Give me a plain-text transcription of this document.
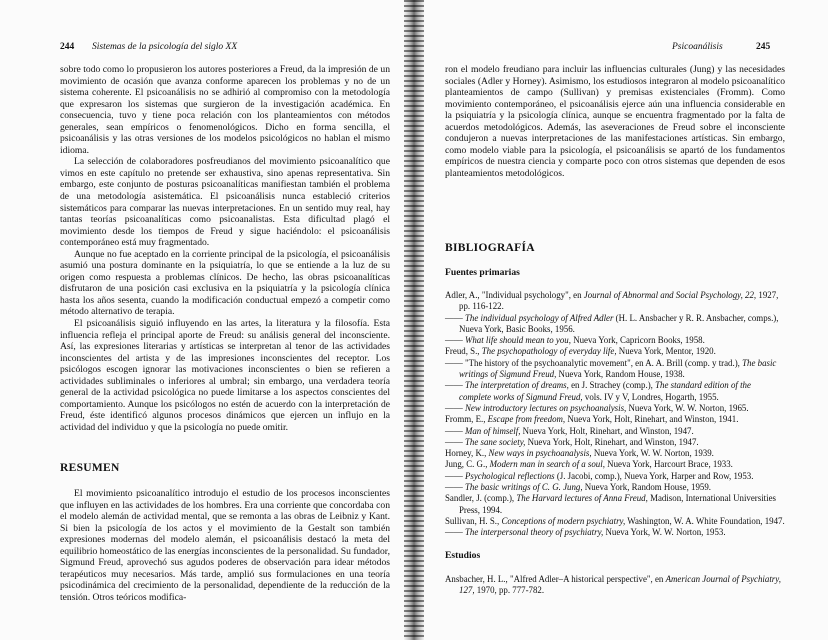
244 Sistemas de la psicología del siglo XX

sobre todo como lo propusieron los autores posteriores a Freud, da la impresión de un movimiento de ocasión que avanza conforme aparecen los problemas y no de un sistema coherente. El psicoanálisis no se adhirió al compromiso con la metodología que expresaron los sistemas que surgieron de la investigación académica. En consecuencia, tuvo y tiene poca relación con los planteamientos con métodos generales, sean empíricos o fenomenológicos. Dicho en forma sencilla, el psicoanálisis y las otras versiones de los modelos psicológicos no hablan el mismo idioma.

La selección de colaboradores posfreudianos del movimiento psicoanalítico que vimos en este capítulo no pretende ser exhaustiva, sino apenas representativa. Sin embargo, este conjunto de posturas psicoanalíticas manifiestan también el problema de una metodología asistemática. El psicoanálisis nunca estableció criterios sistemáticos para comparar las nuevas interpretaciones. En un sentido muy real, hay tantas teorías psicoanalíticas como psicoanalistas. Esta dificultad plagó el movimiento desde los tiempos de Freud y sigue haciéndolo: el psicoanálisis contemporáneo está muy fragmentado.

Aunque no fue aceptado en la corriente principal de la psicología, el psicoanálisis asumió una postura dominante en la psiquiatría, lo que se entiende a la luz de su origen como respuesta a problemas clínicos. De hecho, las obras psicoanalíticas disfrutaron de una posición casi exclusiva en la psiquiatría y la psicología clínica hasta los años sesenta, cuando la modificación conductual empezó a competir como método alternativo de terapia.

El psicoanálisis siguió influyendo en las artes, la literatura y la filosofía. Esta influencia refleja el principal aporte de Freud: su análisis general del inconsciente. Así, las expresiones literarias y artísticas se interpretan al tenor de las actividades inconscientes del artista y de las impresiones inconscientes del receptor. Los psicólogos escogen ignorar las motivaciones inconscientes o bien se refieren a actividades subliminales o inferiores al umbral; sin embargo, una verdadera teoría general de la actividad psicológica no puede limitarse a los aspectos conscientes del comportamiento. Aunque los psicólogos no estén de acuerdo con la interpretación de Freud, éste identificó algunos procesos dinámicos que ejercen un influjo en la actividad del individuo y que la psicología no puede omitir.

RESUMEN

El movimiento psicoanalítico introdujo el estudio de los procesos inconscientes que influyen en las actividades de los hombres. Era una corriente que concordaba con el modelo alemán de actividad mental, que se remonta a las obras de Leibniz y Kant. Si bien la psicología de los actos y el movimiento de la Gestalt son también expresiones modernas del modelo alemán, el psicoanálisis destacó la meta del equilibrio homeostático de las energías inconscientes de la personalidad. Su fundador, Sigmund Freud, aprovechó sus agudos poderes de observación para idear métodos terapéuticos muy necesarios. Más tarde, amplió sus formulaciones en una teoría psicodinámica del crecimiento de la personalidad, dependiente de la reducción de la tensión. Otros teóricos modifica-

Psicoanálisis	245

ron el modelo freudiano para incluir las influencias culturales (Jung) y las necesidades sociales (Adler y Horney). Asimismo, los estudiosos integraron al modelo psicoanalítico planteamientos de campo (Sullivan) y premisas existenciales (Fromm). Como movimiento contemporáneo, el psicoanálisis ejerce aún una influencia considerable en la psiquiatría y la psicología clínica, aunque se encuentra fragmentado por la falta de acuerdos metodológicos. Además, las aseveraciones de Freud sobre el inconsciente condujeron a nuevas interpretaciones de las manifestaciones artísticas. Sin embargo, como modelo viable para la psicología, el psicoanálisis se apartó de los fundamentos empíricos de nuestra ciencia y comparte poco con otros sistemas que dependen de esos planteamientos metodológicos.

BIBLIOGRAFÍA
Fuentes primarias
Adler, A., "Individual psychology", en Journal of Abnormal and Social Psychology, 22, 1927, pp. 116-122.
—— The individual psychology of Alfred Adler (H. L. Ansbacher y R. R. Ansbacher, comps.), Nueva York, Basic Books, 1956.
—— What life should mean to you, Nueva York, Capricorn Books, 1958.
Freud, S., The psychopathology of everyday life, Nueva York, Mentor, 1920.
—— "The history of the psychoanalytic movement", en A. A. Brill (comp. y trad.), The basic writings of Sigmund Freud, Nueva York, Random House, 1938.
—— The interpretation of dreams, en J. Strachey (comp.), The standard edition of the complete works of Sigmund Freud, vols. IV y V, Londres, Hogarth, 1955.
—— New introductory lectures on psychoanalysis, Nueva York, W. W. Norton, 1965.
Fromm, E., Escape from freedom, Nueva York, Holt, Rinehart, and Winston, 1941.
—— Man of himself, Nueva York, Holt, Rinehart, and Winston, 1947.
—— The sane society, Nueva York, Holt, Rinehart, and Winston, 1947.
Horney, K., New ways in psychoanalysis, Nueva York, W. W. Norton, 1939.
Jung, C. G., Modern man in search of a soul, Nueva York, Harcourt Brace, 1933.
—— Psychological reflections (J. Jacobi, comp.), Nueva York, Harper and Row, 1953.
—— The basic writings of C. G. Jung, Nueva York, Random House, 1959.
Sandler, J. (comp.), The Harvard lectures of Anna Freud, Madison, International Universities Press, 1994.
Sullivan, H. S., Conceptions of modern psychiatry, Washington, W. A. White Foundation, 1947.
—— The interpersonal theory of psychiatry, Nueva York, W. W. Norton, 1953.
Estudios
Ansbacher, H. L., "Alfred Adler–A historical perspective", en American Journal of Psychiatry, 127, 1970, pp. 777-782.
